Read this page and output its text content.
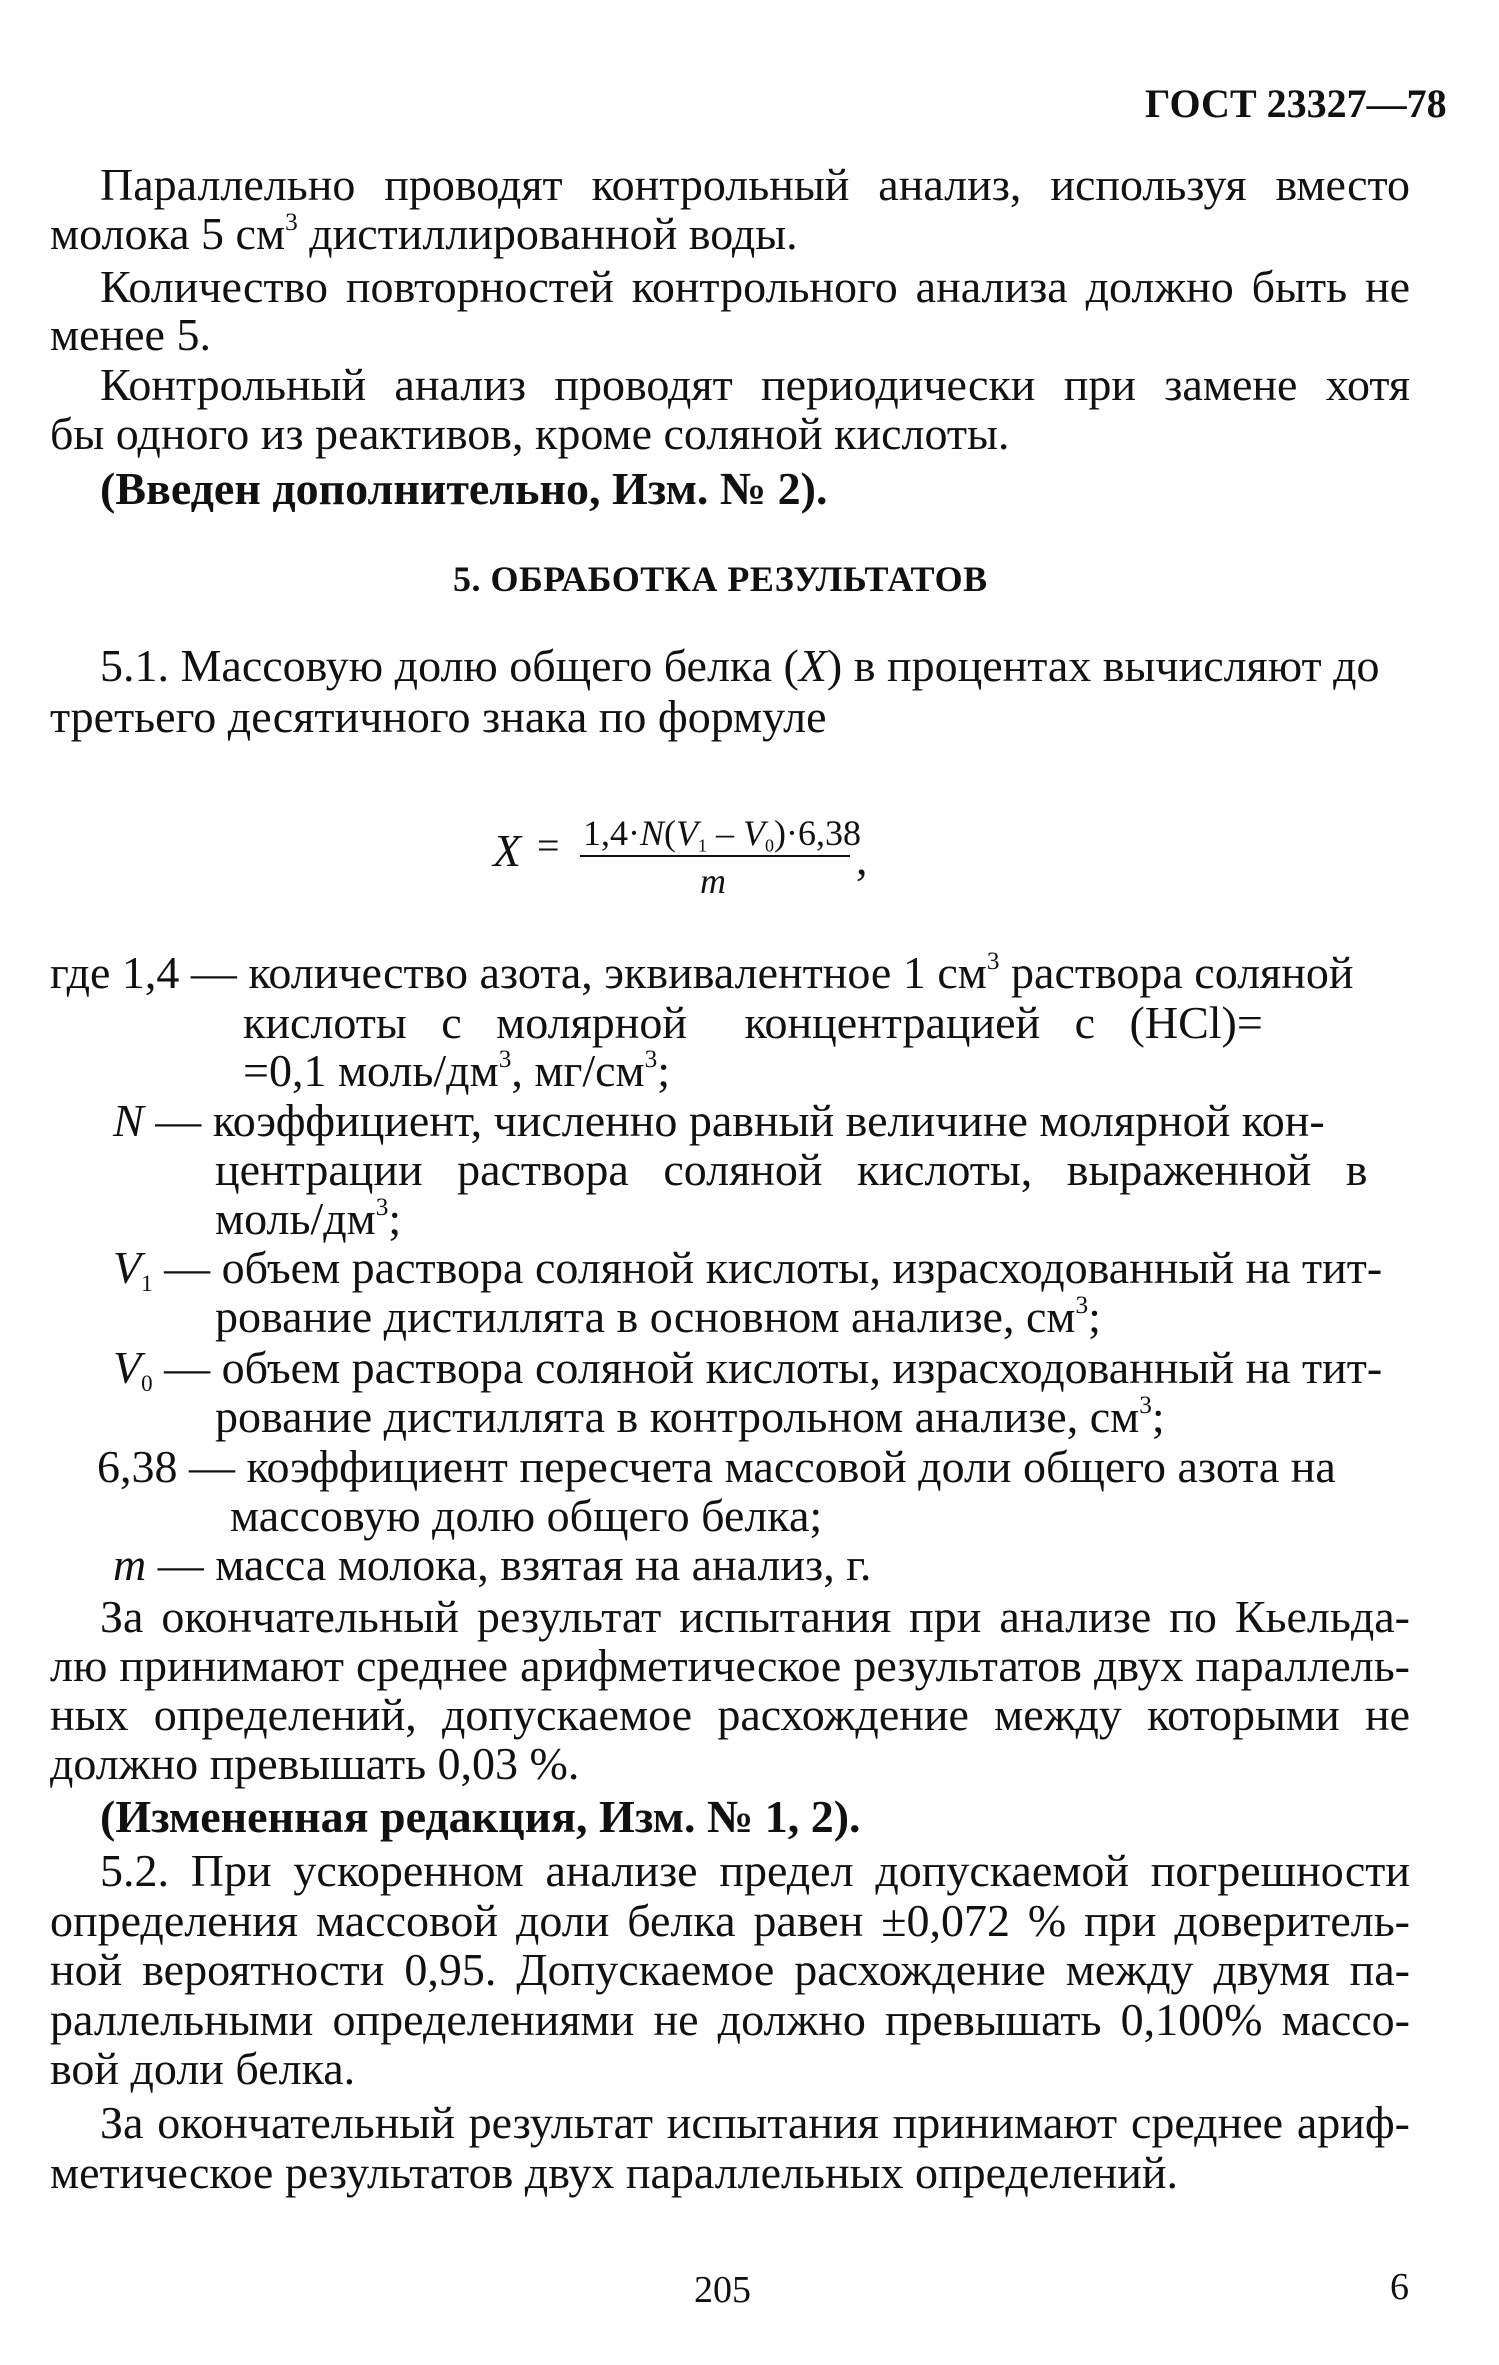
ГОСТ 23327—78
Параллельно проводят контрольный анализ, используя вместо
молока 5 $см^3$ дистиллированной воды.
Количество повторностей контрольного анализа должно быть не
менее 5.
Контрольный анализ проводят периодически при замене хотя
бы одного из реактивов, кроме соляной кислоты.
(Введен дополнительно, Изм. № 2).
5. ОБРАБОТКА РЕЗУЛЬТАТОВ
5.1. Массовую долю общего белка (X) в процентах вычисляют до
третьего десятичного знака по формуле
$X = 1,4\cdot N(V_1 - V_0)\cdot 6,38$
m	,
где 1,4 — количество азота, эквивалентное 1 $см^3$ раствора соляной
кислоты   с   молярной     концентрацией   с   (HCl)=
=0,1 моль/$дм^3$, $мг/см^3$;
N — коэффициент, численно равный величине молярной кон-
центрации   раствора   соляной   кислоты,   выраженной   в
моль/$дм^3$;
$V_1$ — объем раствора соляной кислоты, израсходованный на тит-
рование дистиллята в основном анализе, $см^3$;
$V_0$ — объем раствора соляной кислоты, израсходованный на тит-
рование дистиллята в контрольном анализе, $см^3$;
6,38 — коэффициент пересчета массовой доли общего азота на
массовую долю общего белка;
m — масса молока, взятая на анализ, г.
За окончательный результат испытания при анализе по Кьельда-
лю принимают среднее арифметическое результатов двух параллель-
ных определений, допускаемое расхождение между которыми не
должно превышать 0,03 %.
(Измененная редакция, Изм. № 1, 2).
5.2. При ускоренном анализе предел допускаемой погрешности
определения массовой доли белка равен ±0,072 % при доверитель-
ной вероятности 0,95. Допускаемое расхождение между двумя па-
раллельными определениями не должно превышать 0,100% массо-
вой доли белка.
За окончательный результат испытания принимают среднее ариф-
метическое результатов двух параллельных определений.
205	6
